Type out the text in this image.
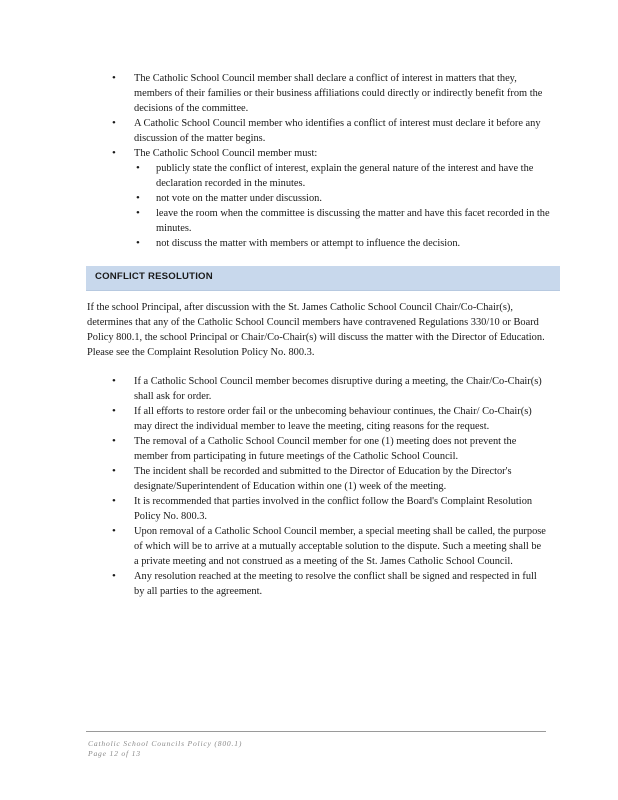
• The Catholic School Council member shall declare a conflict of interest in matters that they, members of their families or their business affiliations could directly or indirectly benefit from the decisions of the committee.
• A Catholic School Council member who identifies a conflict of interest must declare it before any discussion of the matter begins.
• The Catholic School Council member must:
• publicly state the conflict of interest, explain the general nature of the interest and have the declaration recorded in the minutes.
• not vote on the matter under discussion.
• leave the room when the committee is discussing the matter and have this facet recorded in the minutes.
• not discuss the matter with members or attempt to influence the decision.
CONFLICT RESOLUTION

If the school Principal, after discussion with the St. James Catholic School Council Chair/Co-Chair(s), determines that any of the Catholic School Council members have contravened Regulations 330/10 or Board Policy 800.1, the school Principal or Chair/Co-Chair(s) will discuss the matter with the Director of Education. Please see the Complaint Resolution Policy No. 800.3.

• If a Catholic School Council member becomes disruptive during a meeting, the Chair/Co-Chair(s) shall ask for order.
• If all efforts to restore order fail or the unbecoming behaviour continues, the Chair/ Co-Chair(s) may direct the individual member to leave the meeting, citing reasons for the request.
• The removal of a Catholic School Council member for one (1) meeting does not prevent the member from participating in future meetings of the Catholic School Council.
• The incident shall be recorded and submitted to the Director of Education by the Director's designate/Superintendent of Education within one (1) week of the meeting.
• It is recommended that parties involved in the conflict follow the Board's Complaint Resolution Policy No. 800.3.
• Upon removal of a Catholic School Council member, a special meeting shall be called, the purpose of which will be to arrive at a mutually acceptable solution to the dispute. Such a meeting shall be a private meeting and not construed as a meeting of the St. James Catholic School Council.
• Any resolution reached at the meeting to resolve the conflict shall be signed and respected in full by all parties to the agreement.
Catholic School Councils Policy (800.1)
Page 12 of 13
